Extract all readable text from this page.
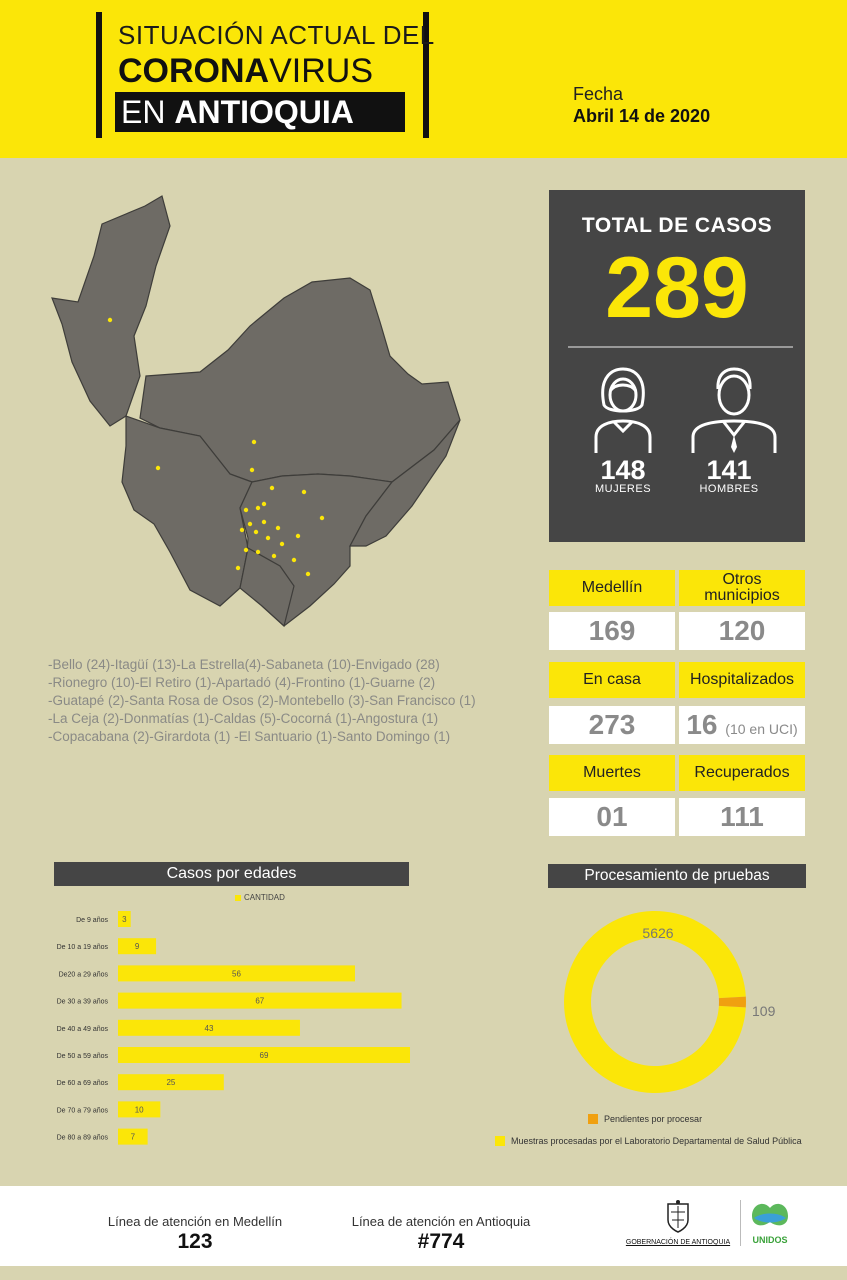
SITUACIÓN ACTUAL DEL
CORONAVIRUS
EN ANTIOQUIA	Fecha
Abril 14 de 2020
-Bello (24)-Itagüí (13)-La Estrella(4)-Sabaneta (10)-Envigado (28)
-Rionegro (10)-El Retiro (1)-Apartadó (4)-Frontino (1)-Guarne (2)
-Guatapé (2)-Santa Rosa de Osos (2)-Montebello (3)-San Francisco (1)
-La Ceja (2)-Donmatías (1)-Caldas (5)-Cocorná (1)-Angostura (1)
-Copacabana (2)-Girardota (1) -El Santuario (1)-Santo Domingo (1)
TOTAL DE CASOS
289
148
MUJERES
141
HOMBRES
Medellín	Otros municipios
169	120
En casa	Hospitalizados
273	16 (10 en UCI)
Muertes	Recuperados
01	111
Casos por edades
CANTIDAD
De 9 años 3
De 10 a 19 años	9
De20 a 29 años	56
De 30 a 39 años	67
De 40 a 49 años	43
De 50 a 59 años	69
De 60 a 69 años	25
De 70 a 79 años	10
De 80 a 89 años	7
Procesamiento de pruebas
5626
109
Pendientes por procesar
Muestras procesadas por el Laboratorio Departamental de Salud Pública
Línea de atención en Medellín
123
Línea de atención en Antioquia
#774	GOBERNACIÓN DE ANTIOQUIA	UNIDOS
